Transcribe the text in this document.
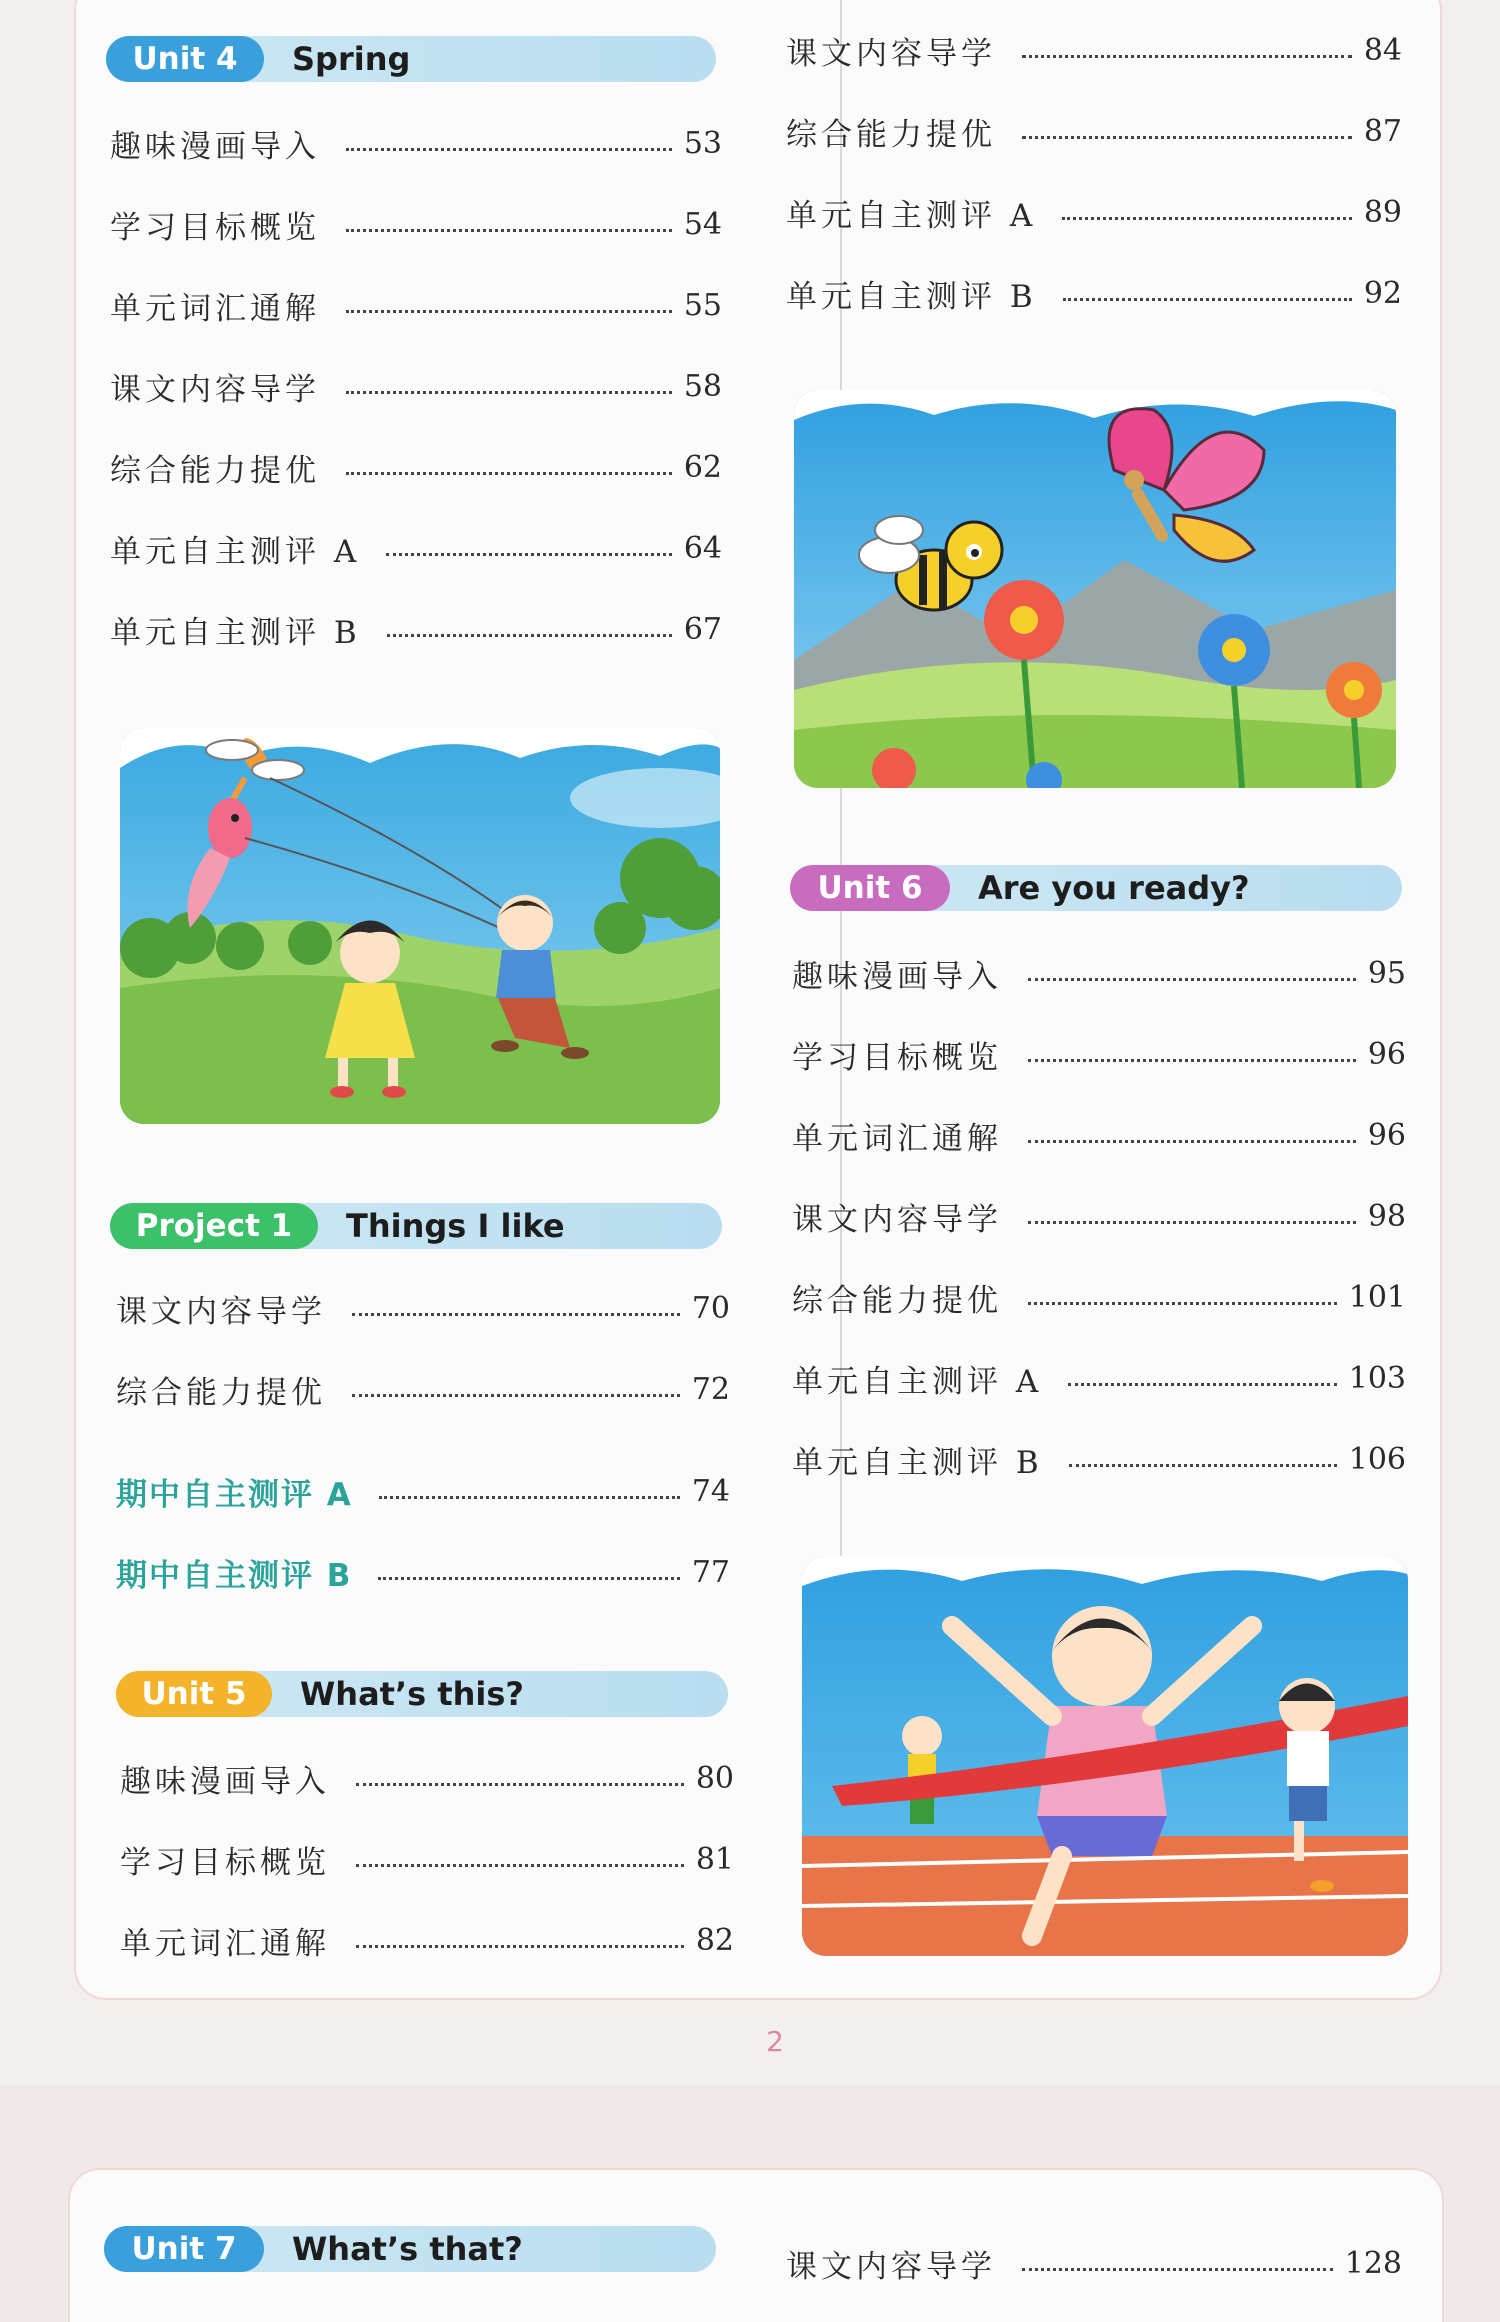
Unit 4	Spring
趣味漫画导入	53
学习目标概览	54
单元词汇通解	55
课文内容导学	58
综合能力提优	62
单元自主测评 A	64
单元自主测评 B	67
Project 1	Things I like
课文内容导学	70
综合能力提优	72
期中自主测评 A	74
期中自主测评 B	77
Unit 5	What’s this?
趣味漫画导入	80
学习目标概览	81
单元词汇通解	82
课文内容导学	84
综合能力提优	87
单元自主测评 A	89
单元自主测评 B	92
Unit 6	Are you ready?
趣味漫画导入	95
学习目标概览	96
单元词汇通解	96
课文内容导学	98
综合能力提优	101
单元自主测评 A	103
单元自主测评 B	106
2
Unit 7	What’s that?	课文内容导学	128
